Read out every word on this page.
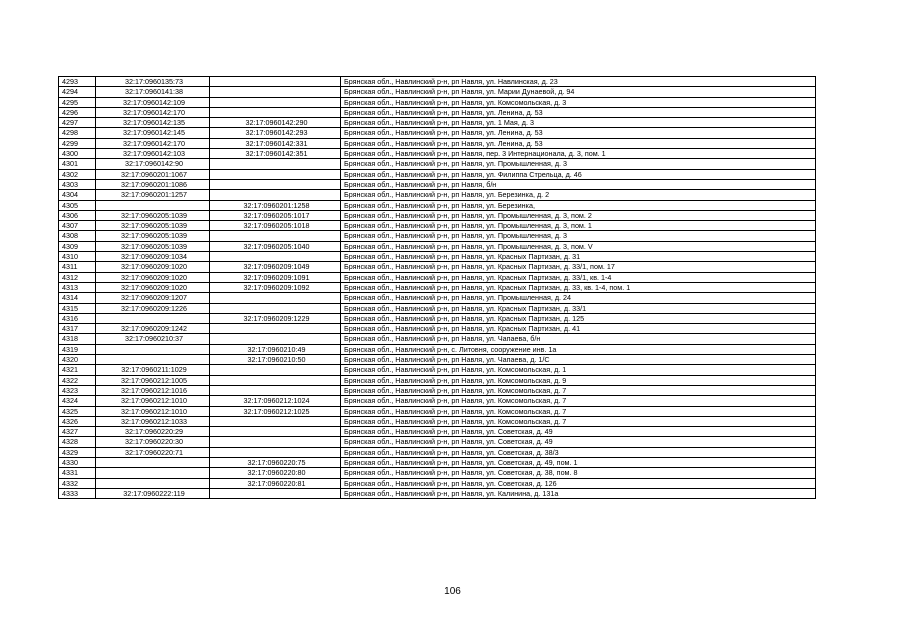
4293	32:17:0960135:73		Брянская обл., Навлинский р-н, рп Навля, ул. Навлинская, д. 23
4294	32:17:0960141:38		Брянская обл., Навлинский р-н, рп Навля, ул. Марии Дунаевой, д. 94
4295	32:17:0960142:109		Брянская обл., Навлинский р-н, рп Навля, ул. Комсомольская, д. 3
4296	32:17:0960142:170		Брянская обл., Навлинский р-н, рп Навля, ул. Ленина, д. 53
4297	32:17:0960142:135	32:17:0960142:290	Брянская обл., Навлинский р-н, рп Навля, ул. 1 Мая, д. 3
4298	32:17:0960142:145	32:17:0960142:293	Брянская обл., Навлинский р-н, рп Навля, ул. Ленина, д. 53
4299	32:17:0960142:170	32:17:0960142:331	Брянская обл., Навлинский р-н, рп Навля, ул. Ленина, д. 53
4300	32:17:0960142:103	32:17:0960142:351	Брянская обл., Навлинский р-н, рп Навля, пер. 3 Интернационала, д. 3, пом. 1
4301	32:17:0960142:90		Брянская обл., Навлинский р-н, рп Навля, ул. Промышленная, д. 3
4302	32:17:0960201:1067		Брянская обл., Навлинский р-н, рп Навля, ул. Филиппа Стрельца, д. 46
4303	32:17:0960201:1086		Брянская обл., Навлинский р-н, рп Навля, б/н
4304	32:17:0960201:1257		Брянская обл., Навлинский р-н, рп Навля, ул. Березинка, д. 2
4305		32:17:0960201:1258	Брянская обл., Навлинский р-н, рп Навля, ул. Березинка,
4306	32:17:0960205:1039	32:17:0960205:1017	Брянская обл., Навлинский р-н, рп Навля, ул. Промышленная, д. 3, пом. 2
4307	32:17:0960205:1039	32:17:0960205:1018	Брянская обл., Навлинский р-н, рп Навля, ул. Промышленная, д. 3, пом. 1
4308	32:17:0960205:1039		Брянская обл., Навлинский р-н, рп Навля, ул. Промышленная, д. 3
4309	32:17:0960205:1039	32:17:0960205:1040	Брянская обл., Навлинский р-н, рп Навля, ул. Промышленная, д. 3, пом. V
4310	32:17:0960209:1034		Брянская обл., Навлинский р-н, рп Навля, ул. Красных Партизан, д. 31
4311	32:17:0960209:1020	32:17:0960209:1049	Брянская обл., Навлинский р-н, рп Навля, ул. Красных Партизан, д. 33/1, пом. 17
4312	32:17:0960209:1020	32:17:0960209:1091	Брянская обл., Навлинский р-н, рп Навля, ул. Красных Партизан, д. 33/1, кв. 1-4
4313	32:17:0960209:1020	32:17:0960209:1092	Брянская обл., Навлинский р-н, рп Навля, ул. Красных Партизан, д. 33, кв. 1-4, пом. 1
4314	32:17:0960209:1207		Брянская обл., Навлинский р-н, рп Навля, ул. Промышленная, д. 24
4315	32:17:0960209:1226		Брянская обл., Навлинский р-н, рп Навля, ул. Красных Партизан, д. 33/1
4316		32:17:0960209:1229	Брянская обл., Навлинский р-н, рп Навля, ул. Красных Партизан, д. 125
4317	32:17:0960209:1242		Брянская обл., Навлинский р-н, рп Навля, ул. Красных Партизан, д. 41
4318	32:17:0960210:37		Брянская обл., Навлинский р-н, рп Навля, ул. Чапаева, б/н
4319		32:17:0960210:49	Брянская обл., Навлинский р-н, с. Литовня, сооружение инв. 1а
4320		32:17:0960210:50	Брянская обл., Навлинский р-н, рп Навля, ул. Чапаева, д. 1/С
4321	32:17:0960211:1029		Брянская обл., Навлинский р-н, рп Навля, ул. Комсомольская, д. 1
4322	32:17:0960212:1005		Брянская обл., Навлинский р-н, рп Навля, ул. Комсомольская, д. 9
4323	32:17:0960212:1016		Брянская обл., Навлинский р-н, рп Навля, ул. Комсомольская, д. 7
4324	32:17:0960212:1010	32:17:0960212:1024	Брянская обл., Навлинский р-н, рп Навля, ул. Комсомольская, д. 7
4325	32:17:0960212:1010	32:17:0960212:1025	Брянская обл., Навлинский р-н, рп Навля, ул. Комсомольская, д. 7
4326	32:17:0960212:1033		Брянская обл., Навлинский р-н, рп Навля, ул. Комсомольская, д. 7
4327	32:17:0960220:29		Брянская обл., Навлинский р-н, рп Навля, ул. Советская, д. 49
4328	32:17:0960220:30		Брянская обл., Навлинский р-н, рп Навля, ул. Советская, д. 49
4329	32:17:0960220:71		Брянская обл., Навлинский р-н, рп Навля, ул. Советская, д. 38/3
4330		32:17:0960220:75	Брянская обл., Навлинский р-н, рп Навля, ул. Советская, д. 49, пом. 1
4331		32:17:0960220:80	Брянская обл., Навлинский р-н, рп Навля, ул. Советская, д. 38, пом. 8
4332		32:17:0960220:81	Брянская обл., Навлинский р-н, рп Навля, ул. Советская, д. 126
4333	32:17:0960222:119		Брянская обл., Навлинский р-н, рп Навля, ул. Калинина, д. 131а
106
